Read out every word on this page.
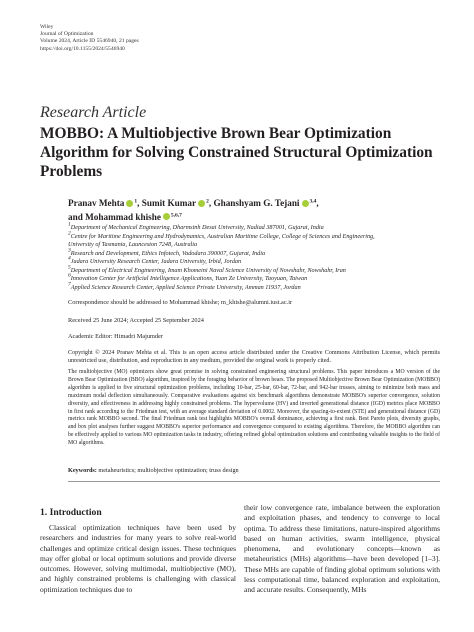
Wiley
Journal of Optimization
Volume 2024, Article ID 5546940, 21 pages
https://doi.org/10.1155/2024/5546940
Research Article
MOBBO: A Multiobjective Brown Bear Optimization Algorithm for Solving Constrained Structural Optimization Problems
Pranav Mehta $^1$, Sumit Kumar $^2$, Ghanshyam G. Tejani $^{3,4}$,
and Mohammad khishe $^{5,6,7}$
$^1$Department of Mechanical Engineering, Dharmsinh Desai University, Nadiad 387001, Gujarat, India
$^2$Centre for Maritime Engineering and Hydrodynamics, Australian Maritime College, College of Sciences and Engineering,
University of Tasmania, Launceston 7248, Australia
$^3$Research and Development, Ethics Infotech, Vadodara 390007, Gujarat, India
$^4$Jadara University Research Center, Jadara University, Irbid, Jordan
$^5$Department of Electrical Engineering, Imam Khomeini Naval Science University of Nowshahr, Nowshahr, Iran
$^6$Innovation Center for Artificial Intelligence Applications, Yuan Ze University, Taoyuan, Taiwan
$^7$Applied Science Research Center, Applied Science Private University, Amman 11937, Jordan
Correspondence should be addressed to Mohammad khishe; m_khishe@alumni.iust.ac.ir
Received 25 June 2024; Accepted 25 September 2024
Academic Editor: Himadri Majumder
Copyright © 2024 Pranav Mehta et al. This is an open access article distributed under the Creative Commons Attribution License, which permits unrestricted use, distribution, and reproduction in any medium, provided the original work is properly cited.
The multiobjective (MO) optimizers show great promise in solving constrained engineering structural problems. This paper introduces a MO version of the Brown Bear Optimization (BBO) algorithm, inspired by the foraging behavior of brown bears. The proposed Multiobjective Brown Bear Optimization (MOBBO) algorithm is applied to five structural optimization problems, including 10-bar, 25-bar, 60-bar, 72-bar, and 942-bar trusses, aiming to minimize both mass and maximum nodal deflection simultaneously. Comparative evaluations against six benchmark algorithms demonstrate MOBBO's superior convergence, solution diversity, and effectiveness in addressing highly constrained problems. The hypervolume (HV) and inverted generational distance (IGD) metrics place MOBBO in first rank according to the Friedman test, with an average standard deviation of 0.0002. Moreover, the spacing-to-extent (STE) and generational distance (GD) metrics rank MOBBO second. The final Friedman rank test highlights MOBBO's overall dominance, achieving a first rank. Best Pareto plots, diversity graphs, and box plot analyses further suggest MOBBO's superior performance and convergence compared to existing algorithms. Therefore, the MOBBO algorithm can be effectively applied to various MO optimization tasks in industry, offering refined global optimization solutions and contributing valuable insights to the field of MO algorithms.
Keywords: metaheuristics; multiobjective optimization; truss design
1. Introduction
Classical optimization techniques have been used by researchers and industries for many years to solve real-world challenges and optimize critical design issues. These techniques may offer global or local optimum solutions and provide diverse outcomes. However, solving multimodal, multiobjective (MO), and highly constrained problems is challenging with classical optimization techniques due to
their low convergence rate, imbalance between the exploration and exploitation phases, and tendency to converge to local optima. To address these limitations, nature-inspired algorithms based on human activities, swarm intelligence, physical phenomena, and evolutionary concepts—known as metaheuristics (MHs) algorithms—have been developed [1–3]. These MHs are capable of finding global optimum solutions with less computational time, balanced exploration and exploitation, and accurate results. Consequently, MHs
